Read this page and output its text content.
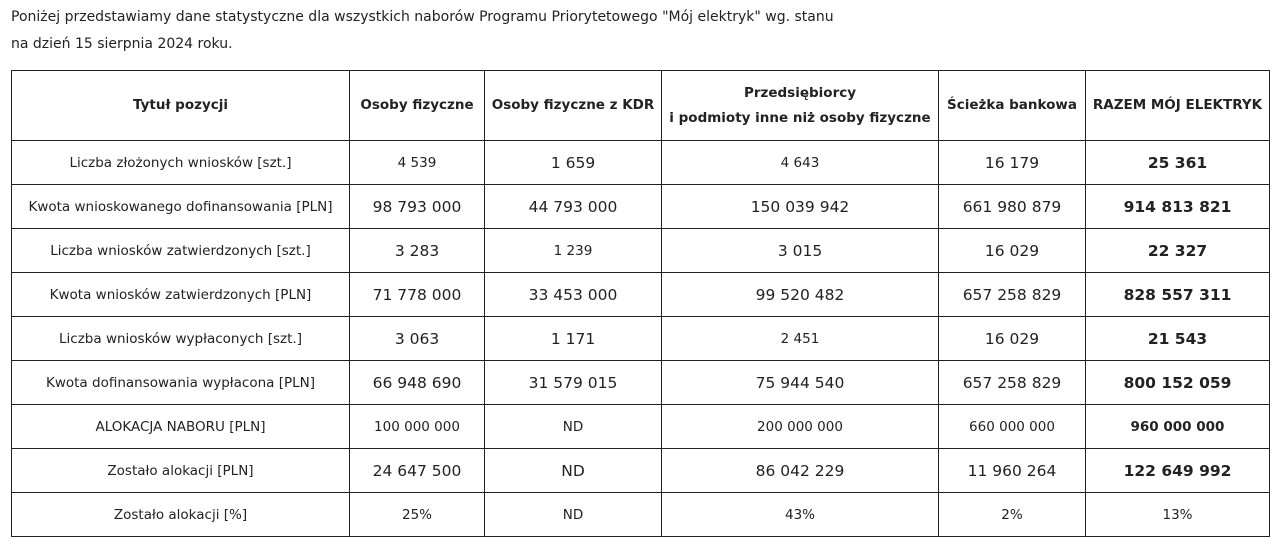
Poniżej przedstawiamy dane statystyczne dla wszystkich naborów Programu Priorytetowego "Mój elektryk" wg. stanu

na dzień 15 sierpnia 2024 roku.

Tytuł pozycji	Osoby fizyczne	Osoby fizyczne z KDR	Przedsiębiorcy
i podmioty inne niż osoby fizyczne	Ścieżka bankowa	RAZEM MÓJ ELEKTRYK
Liczba złożonych wniosków [szt.]	4 539	1 659	4 643	16 179	25 361
Kwota wnioskowanego dofinansowania [PLN]	98 793 000	44 793 000	150 039 942	661 980 879	914 813 821
Liczba wniosków zatwierdzonych [szt.]	3 283	1 239	3 015	16 029	22 327
Kwota wniosków zatwierdzonych [PLN]	71 778 000	33 453 000	99 520 482	657 258 829	828 557 311
Liczba wniosków wypłaconych [szt.]	3 063	1 171	2 451	16 029	21 543
Kwota dofinansowania wypłacona [PLN]	66 948 690	31 579 015	75 944 540	657 258 829	800 152 059
ALOKACJA NABORU [PLN]	100 000 000	ND	200 000 000	660 000 000	960 000 000
Zostało alokacji [PLN]	24 647 500	ND	86 042 229	11 960 264	122 649 992
Zostało alokacji [%]	25%	ND	43%	2%	13%
